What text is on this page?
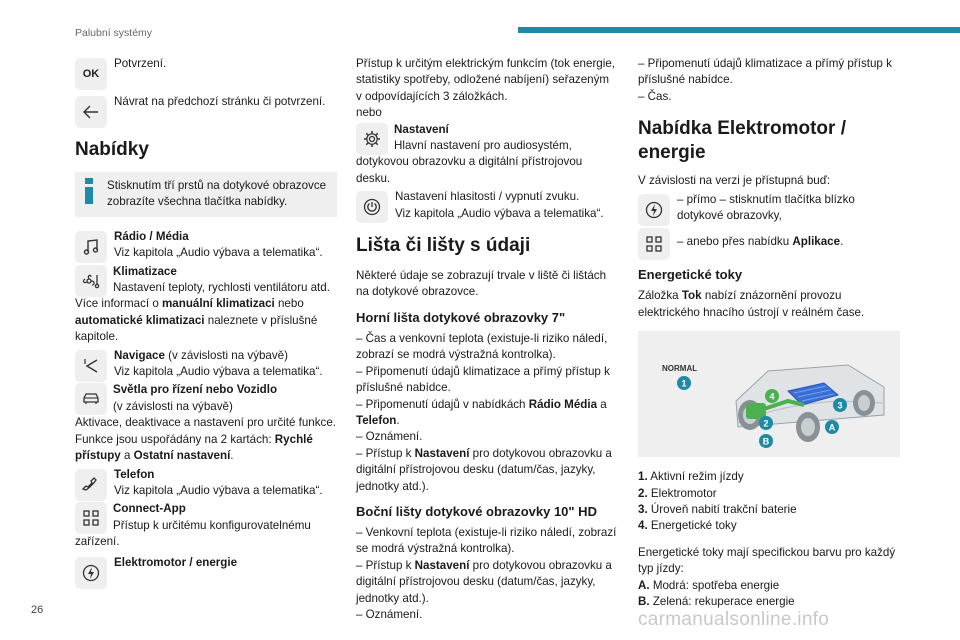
Palubní systémy
OK

Potvrzení.

Návrat na předchozí stránku či potvrzení.

Nabídky

Stisknutím tří prstů na dotykové obrazovce zobrazíte všechna tlačítka nabídky.

Rádio / Média

Viz kapitola „Audio výbava a telematika“.

Klimatizace

Nastavení teploty, rychlosti ventilátoru atd.

Více informací o manuální klimatizaci nebo automatické klimatizaci naleznete v příslušné kapitole.

Navigace (v závislosti na výbavě)

Viz kapitola „Audio výbava a telematika“.

Světla pro řízení nebo Vozidlo

(v závislosti na výbavě)

Aktivace, deaktivace a nastavení pro určité funkce.

Funkce jsou uspořádány na 2 kartách: Rychlé přístupy a Ostatní nastavení.

Telefon

Viz kapitola „Audio výbava a telematika“.

Connect-App

Přístup k určitému konfigurovatelnému zařízení.

Elektromotor / energie

Přístup k určitým elektrickým funkcím (tok energie, statistiky spotřeby, odložené nabíjení) seřazeným v odpovídajících 3 záložkách.

nebo

Nastavení

Hlavní nastavení pro audiosystém, dotykovou obrazovku a digitální přístrojovou desku.

Nastavení hlasitosti / vypnutí zvuku.

Viz kapitola „Audio výbava a telematika“.

Lišta či lišty s údaji

Některé údaje se zobrazují trvale v liště či lištách na dotykové obrazovce.

Horní lišta dotykové obrazovky 7"

– Čas a venkovní teplota (existuje-li riziko náledí, zobrazí se modrá výstražná kontrolka).

– Připomenutí údajů klimatizace a přímý přístup k příslušné nabídce.

– Připomenutí údajů v nabídkách Rádio Média a Telefon.

– Oznámení.

– Přístup k Nastavení pro dotykovou obrazovku a digitální přístrojovou desku (datum/čas, jazyky, jednotky atd.).

Boční lišty dotykové obrazovky 10" HD

– Venkovní teplota (existuje-li riziko náledí, zobrazí se modrá výstražná kontrolka).

– Přístup k Nastavení pro dotykovou obrazovku a digitální přístrojovou desku (datum/čas, jazyky, jednotky atd.).

– Oznámení.

– Připomenutí údajů klimatizace a přímý přístup k příslušné nabídce.

– Čas.

Nabídka Elektromotor / energie

V závislosti na verzi je přístupná buď:

– přímo – stisknutím tlačítka blízko dotykové obrazovky,

– anebo přes nabídku Aplikace.

Energetické toky

Záložka Tok nabízí znázornění provozu elektrického hnacího ústrojí v reálném čase.

NORMAL
1
4
3
2	A
B

1. Aktivní režim jízdy

2. Elektromotor

3. Úroveň nabití trakční baterie

4. Energetické toky

Energetické toky mají specifickou barvu pro každý typ jízdy:

A. Modrá: spotřeba energie

B. Zelená: rekuperace energie

26	carmanualsonline.info
